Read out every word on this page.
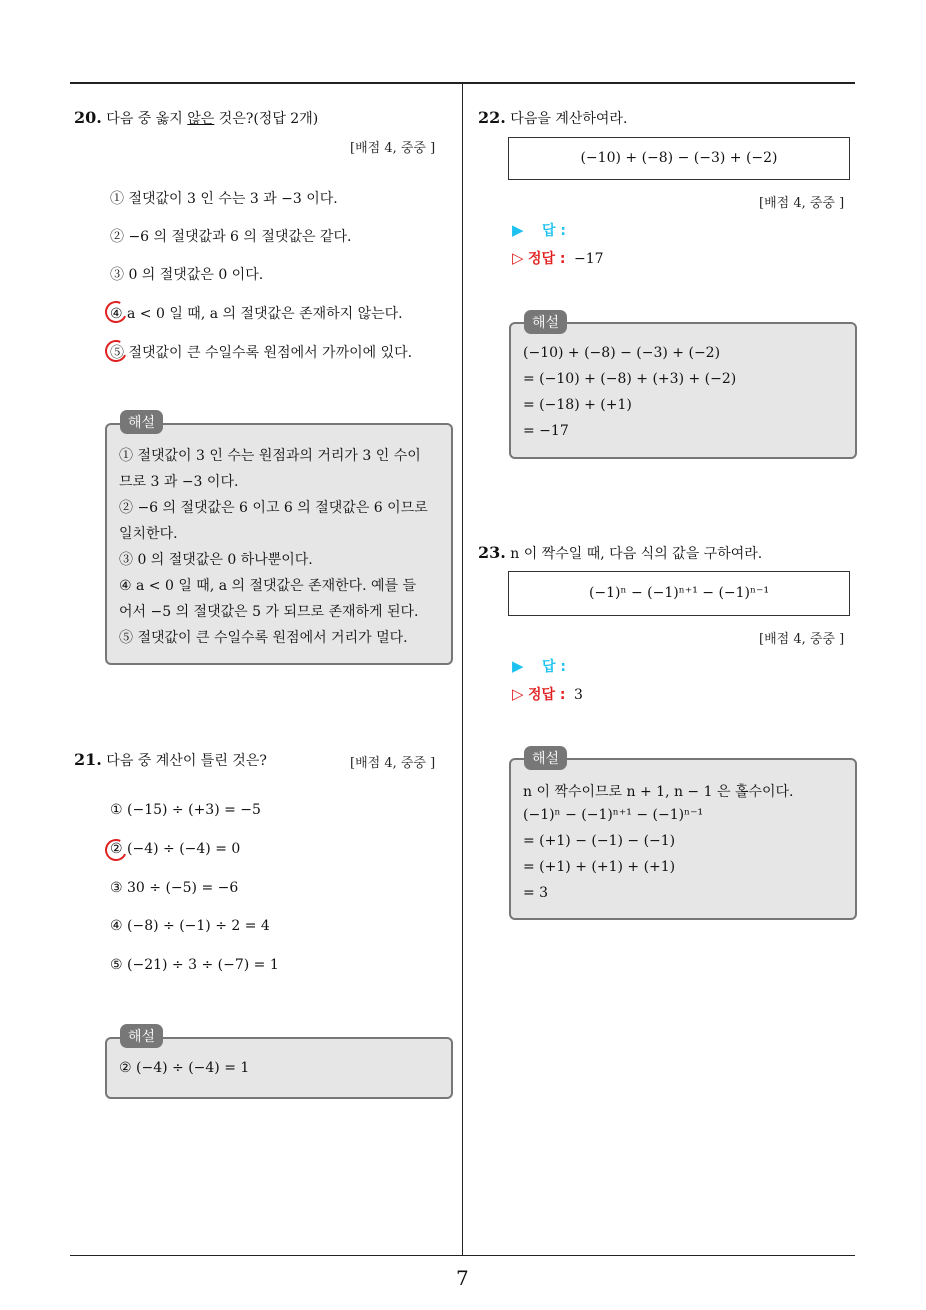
7
20. 다음 중 옳지 않은 것은?(정답 2개)
[배점 4, 중중 ]
① 절댓값이 3 인 수는 3 과 −3 이다.
② −6 의 절댓값과 6 의 절댓값은 같다.
③ 0 의 절댓값은 0 이다.
④ a < 0 일 때, a 의 절댓값은 존재하지 않는다.
⑤ 절댓값이 큰 수일수록 원점에서 가까이에 있다.
① 절댓값이 3 인 수는 원점과의 거리가 3 인 수이
므로 3 과 −3 이다.
② −6 의 절댓값은 6 이고 6 의 절댓값은 6 이므로
일치한다.
③ 0 의 절댓값은 0 하나뿐이다.
④ a < 0 일 때, a 의 절댓값은 존재한다. 예를 들
어서 −5 의 절댓값은 5 가 되므로 존재하게 된다.
⑤ 절댓값이 큰 수일수록 원점에서 거리가 멀다.
해설
21. 다음 중 계산이 틀린 것은?	[배점 4, 중중 ]
① (−15) ÷ (+3) = −5
② (−4) ÷ (−4) = 0
③ 30 ÷ (−5) = −6
④ (−8) ÷ (−1) ÷ 2 = 4
⑤ (−21) ÷ 3 ÷ (−7) = 1
② (−4) ÷ (−4) = 1
해설
22. 다음을 계산하여라.
(−10) + (−8) − (−3) + (−2)
[배점 4, 중중 ]
▶ 답 :
▷ 정답 : −17
(−10) + (−8) − (−3) + (−2)
= (−10) + (−8) + (+3) + (−2)
= (−18) + (+1)
= −17
해설
23. n 이 짝수일 때, 다음 식의 값을 구하여라.
(−1)ⁿ − (−1)ⁿ⁺¹ − (−1)ⁿ⁻¹
[배점 4, 중중 ]
▶ 답 :
▷ 정답 : 3
n 이 짝수이므로 n + 1, n − 1 은 홀수이다.
(−1)ⁿ − (−1)ⁿ⁺¹ − (−1)ⁿ⁻¹
= (+1) − (−1) − (−1)
= (+1) + (+1) + (+1)
= 3
해설
